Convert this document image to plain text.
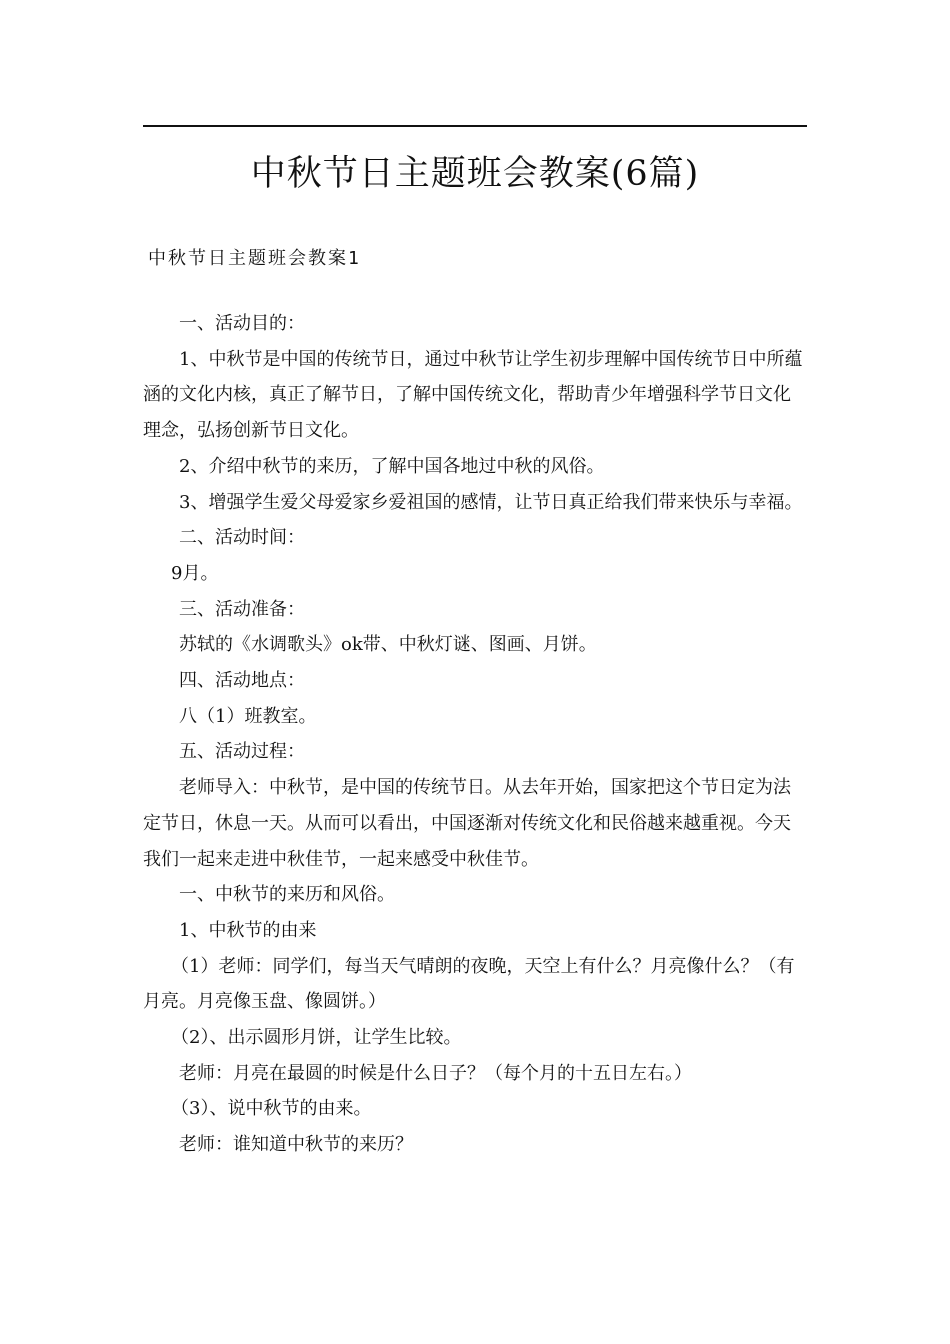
中秋节日主题班会教案(6篇)
中秋节日主题班会教案1

一、活动目的：

1、中秋节是中国的传统节日，通过中秋节让学生初步理解中国传统节日中所蕴涵的文化内核，真正了解节日，了解中国传统文化，帮助青少年增强科学节日文化理念，弘扬创新节日文化。

2、介绍中秋节的来历，了解中国各地过中秋的风俗。

3、增强学生爱父母爱家乡爱祖国的感情，让节日真正给我们带来快乐与幸福。

二、活动时间：

9月。

三、活动准备：

苏轼的《水调歌头》ok带、中秋灯谜、图画、月饼。

四、活动地点：

八（1）班教室。

五、活动过程：

老师导入：中秋节，是中国的传统节日。从去年开始，国家把这个节日定为法定节日，休息一天。从而可以看出，中国逐渐对传统文化和民俗越来越重视。今天我们一起来走进中秋佳节，一起来感受中秋佳节。

一、中秋节的来历和风俗。

1、中秋节的由来

（1）老师：同学们，每当天气晴朗的夜晚，天空上有什么？月亮像什么？（有月亮。月亮像玉盘、像圆饼。）

（2）、出示圆形月饼，让学生比较。

老师：月亮在最圆的时候是什么日子？（每个月的十五日左右。）

（3）、说中秋节的由来。

老师：谁知道中秋节的来历？
